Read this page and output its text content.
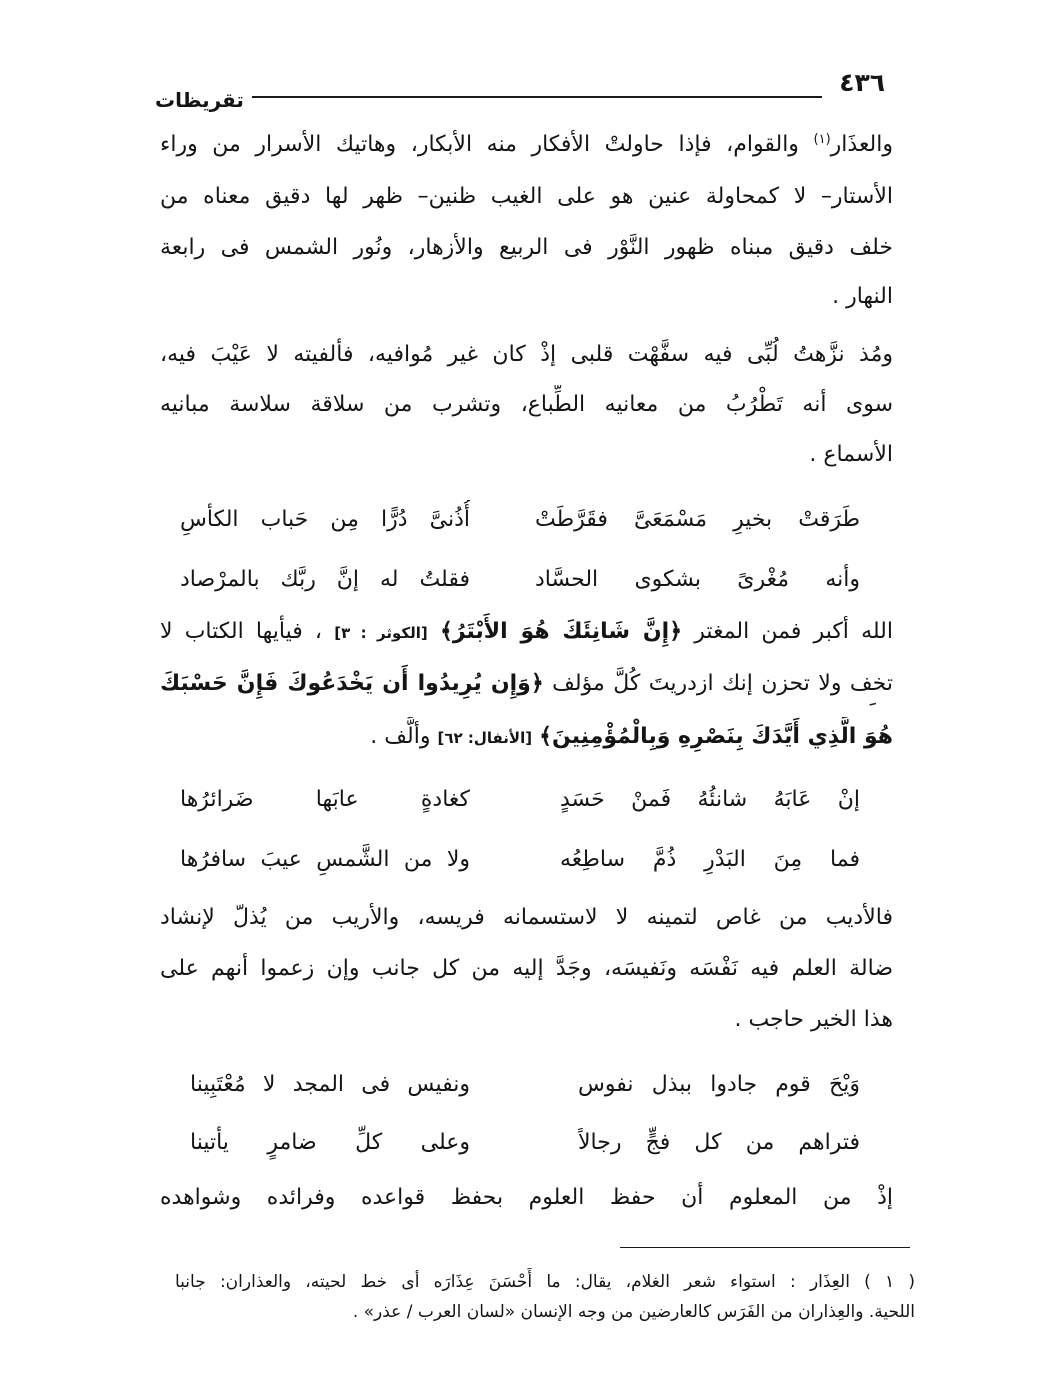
٤٣٦
تقريظات
والعذَار$^{(١)}$ والقوام، فإذا حاولتْ الأفكار منه الأبكار، وهاتيك الأسرار من وراء
الأستار– لا كمحاولة عنين هو على الغيب ظنين– ظهر لها دقيق معناه من
خلف دقيق مبناه ظهور النَّوْر فى الربيع والأزهار، ونُور الشمس فى رابعة
النهار .
ومُذ نزَّهتُ لُبِّى فيه سفَّهْت قلبى إذْ كان غير مُوافيه، فألفيته لا عَيْبَ فيه،
سوى أنه تَطْرُبُ من معانيه الطِّباع، وتشرب من سلاقة سلاسة مبانيه
الأسماع .
طَرَقتْ بخيرِ مَسْمَعَىَّ فقَرَّطَتْ
أُذُنىَّ دُرًّا مِن حَباب الكأسِ
وأنه مُغْرىً بشكوى الحسَّاد
فقلتُ له إنَّ ربَّك بالمرْصاد
الله أكبر فمن المغتر ﴿إِنَّ شَانِئَكَ هُوَ الأَبْتَرُ﴾ [الكوثر : ٣] ، فيأيها الكتاب لا
تخف ولا تحزن إنك ازدريتَ كُلَّ مؤلف ﴿وَإِن يُرِيدُوا أَن يَخْدَعُوكَ فَإِنَّ حَسْبَكَ
هُوَ الَّذِي أَيَّدَكَ بِنَصْرِهِ وَبِالْمُؤْمِنِينَ﴾ [الأنفال: ٦٢] وألَّف .
إنْ عَابَهُ شانئُهُ فَمنْ حَسَدٍ
كغادةٍ عابَها ضَرائرُها
فما مِنَ البَدْرِ ذُمَّ ساطِعُه
ولا من الشَّمسِ عيبَ سافرُها
فالأديب من غاص لتمينه لا لاستسمانه فريسه، والأريب من يُذلّ لإنشاد
ضالة العلم فيه نَفْسَه ونَفيسَه، وجَدَّ إليه من كل جانب وإن زعموا أنهم على
هذا الخير حاجب .
وَيْحَ قوم جادوا ببذل نفوس
ونفيس فى المجد لا مُعْتَبِينا
فتراهم من كل فجٍّ رجالاً
وعلى كلِّ ضامرٍ يأتينا
إذْ من المعلوم أن حفظ العلوم بحفظ قواعده وفرائده وشواهده
( ١ ) العِذَار : استواء شعر الغلام، يقال: ما أَحْسَنَ عِذَارَه أى خط لحيته، والعذاران: جانبا
اللحية. والعِذاران من الفَرَس كالعارضين من وجه الإنسان «لسان العرب / عذر» .
